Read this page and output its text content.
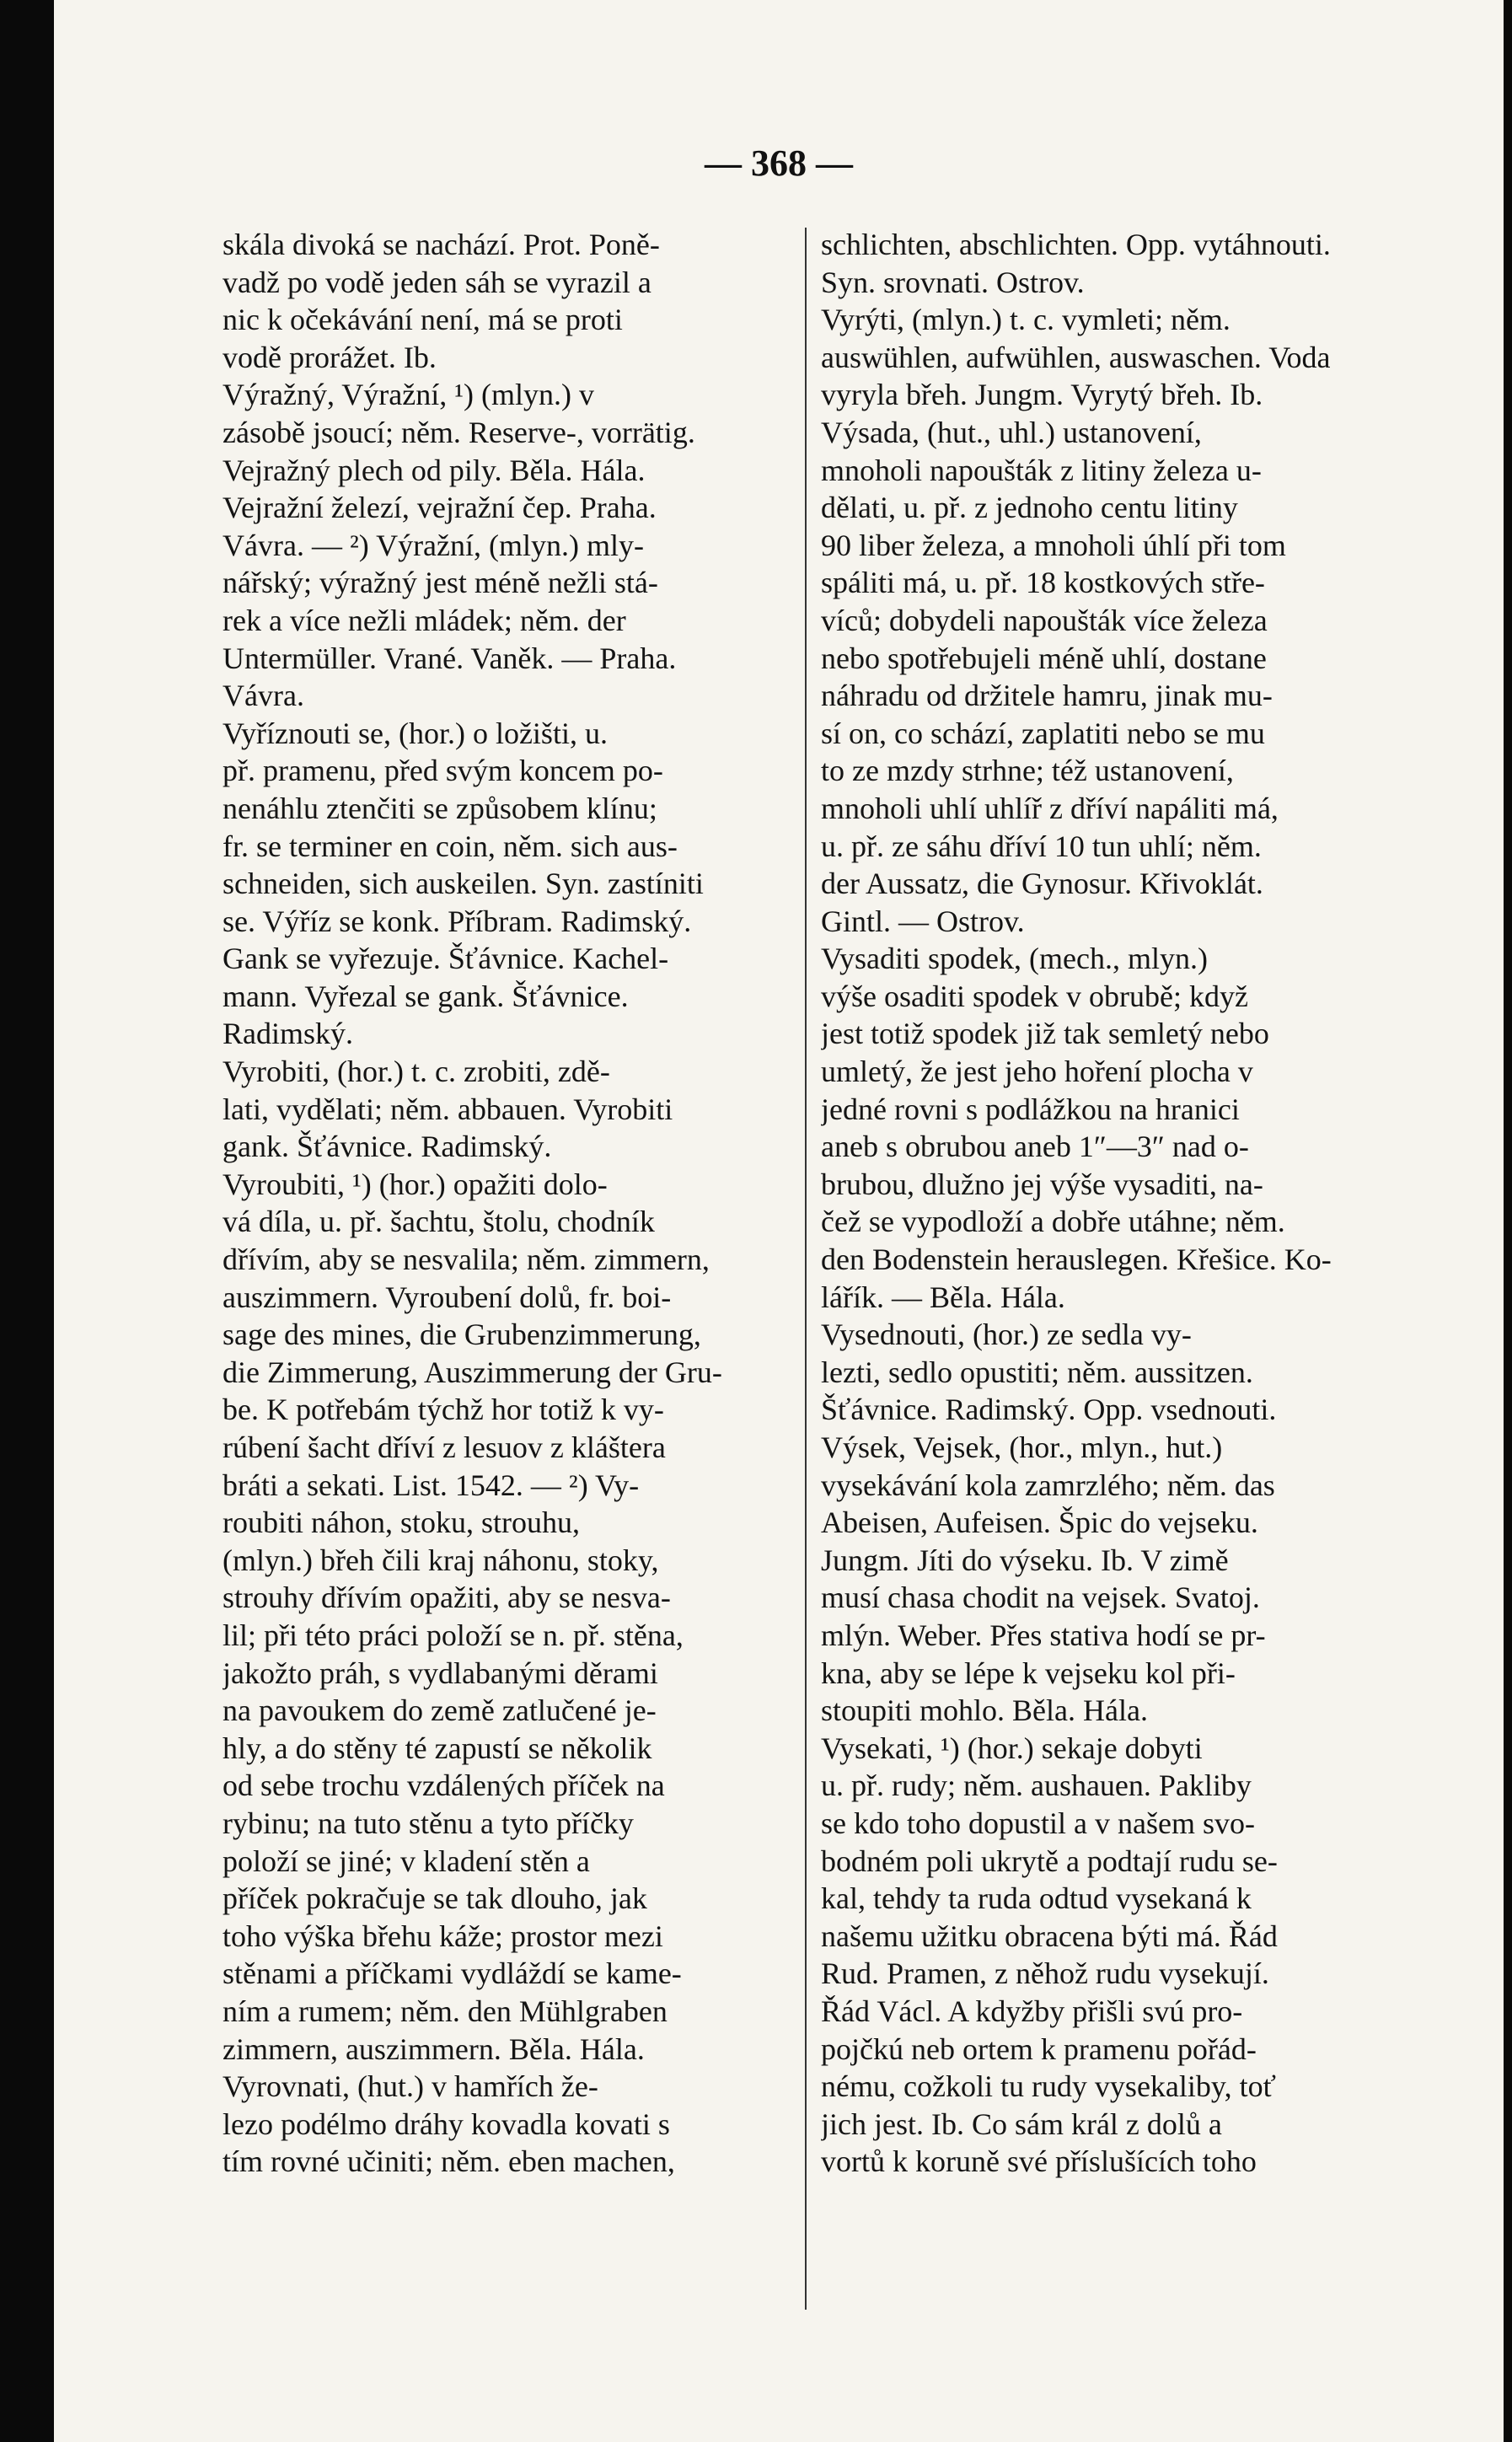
— 368 —
skála divoká se nachází. Prot. Poně-
vadž po vodě jeden sáh se vyrazil a
nic k očekávání není, má se proti
vodě prorážet. Ib.
Výražný, Výražní, ¹) (mlyn.) v
zásobě jsoucí; něm. Reserve-, vorrätig.
Vejražný plech od pily. Běla. Hála.
Vejražní železí, vejražní čep. Praha.
Vávra. — ²) Výražní, (mlyn.) mly-
nářský; výražný jest méně nežli stá-
rek a více nežli mládek; něm. der
Untermüller. Vrané. Vaněk. — Praha.
Vávra.
Vyříznouti se, (hor.) o ložišti, u.
př. pramenu, před svým koncem po-
nenáhlu ztenčiti se způsobem klínu;
fr. se terminer en coin, něm. sich aus-
schneiden, sich auskeilen. Syn. zastíniti
se. Výříz se konk. Příbram. Radimský.
Gank se vyřezuje. Šťávnice. Kachel-
mann. Vyřezal se gank. Šťávnice.
Radimský.
Vyrobiti, (hor.) t. c. zrobiti, zdě-
lati, vydělati; něm. abbauen. Vyrobiti
gank. Šťávnice. Radimský.
Vyroubiti, ¹) (hor.) opažiti dolo-
vá díla, u. př. šachtu, štolu, chodník
dřívím, aby se nesvalila; něm. zimmern,
auszimmern. Vyroubení dolů, fr. boi-
sage des mines, die Grubenzimmerung,
die Zimmerung, Auszimmerung der Gru-
be. K potřebám týchž hor totiž k vy-
rúbení šacht dříví z lesuov z kláštera
bráti a sekati. List. 1542. — ²) Vy-
roubiti náhon, stoku, strouhu,
(mlyn.) břeh čili kraj náhonu, stoky,
strouhy dřívím opažiti, aby se nesva-
lil; při této práci položí se n. př. stěna,
jakožto práh, s vydlabanými děrami
na pavoukem do země zatlučené je-
hly, a do stěny té zapustí se několik
od sebe trochu vzdálených příček na
rybinu; na tuto stěnu a tyto příčky
položí se jiné; v kladení stěn a
příček pokračuje se tak dlouho, jak
toho výška břehu káže; prostor mezi
stěnami a příčkami vydláždí se kame-
ním a rumem; něm. den Mühlgraben
zimmern, auszimmern. Běla. Hála.
Vyrovnati, (hut.) v hamřích že-
lezo podélmo dráhy kovadla kovati s
tím rovné učiniti; něm. eben machen,
schlichten, abschlichten. Opp. vytáhnouti.
Syn. srovnati. Ostrov.
Vyrýti, (mlyn.) t. c. vymleti; něm.
auswühlen, aufwühlen, auswaschen. Voda
vyryla břeh. Jungm. Vyrytý břeh. Ib.
Výsada, (hut., uhl.) ustanovení,
mnoholi napoušták z litiny železa u-
dělati, u. př. z jednoho centu litiny
90 liber železa, a mnoholi úhlí při tom
spáliti má, u. př. 18 kostkových stře-
víců; dobydeli napoušták více železa
nebo spotřebujeli méně uhlí, dostane
náhradu od držitele hamru, jinak mu-
sí on, co schází, zaplatiti nebo se mu
to ze mzdy strhne; též ustanovení,
mnoholi uhlí uhlíř z dříví napáliti má,
u. př. ze sáhu dříví 10 tun uhlí; něm.
der Aussatz, die Gynosur. Křivoklát.
Gintl. — Ostrov.
Vysaditi spodek, (mech., mlyn.)
výše osaditi spodek v obrubě; když
jest totiž spodek již tak semletý nebo
umletý, že jest jeho hoření plocha v
jedné rovni s podlážkou na hranici
aneb s obrubou aneb 1″—3″ nad o-
brubou, dlužno jej výše vysaditi, na-
čež se vypodloží a dobře utáhne; něm.
den Bodenstein herauslegen. Křešice. Ko-
lářík. — Běla. Hála.
Vysednouti, (hor.) ze sedla vy-
lezti, sedlo opustiti; něm. aussitzen.
Šťávnice. Radimský. Opp. vsednouti.
Výsek, Vejsek, (hor., mlyn., hut.)
vysekávání kola zamrzlého; něm. das
Abeisen, Aufeisen. Špic do vejseku.
Jungm. Jíti do výseku. Ib. V zimě
musí chasa chodit na vejsek. Svatoj.
mlýn. Weber. Přes stativa hodí se pr-
kna, aby se lépe k vejseku kol při-
stoupiti mohlo. Běla. Hála.
Vysekati, ¹) (hor.) sekaje dobyti
u. př. rudy; něm. aushauen. Pakliby
se kdo toho dopustil a v našem svo-
bodném poli ukrytě a podtají rudu se-
kal, tehdy ta ruda odtud vysekaná k
našemu užitku obracena býti má. Řád
Rud. Pramen, z něhož rudu vysekují.
Řád Václ. A kdyžby přišli svú pro-
pojčkú neb ortem k pramenu pořád-
nému, cožkoli tu rudy vysekaliby, toť
jich jest. Ib. Co sám král z dolů a
vortů k koruně své příslušících toho
